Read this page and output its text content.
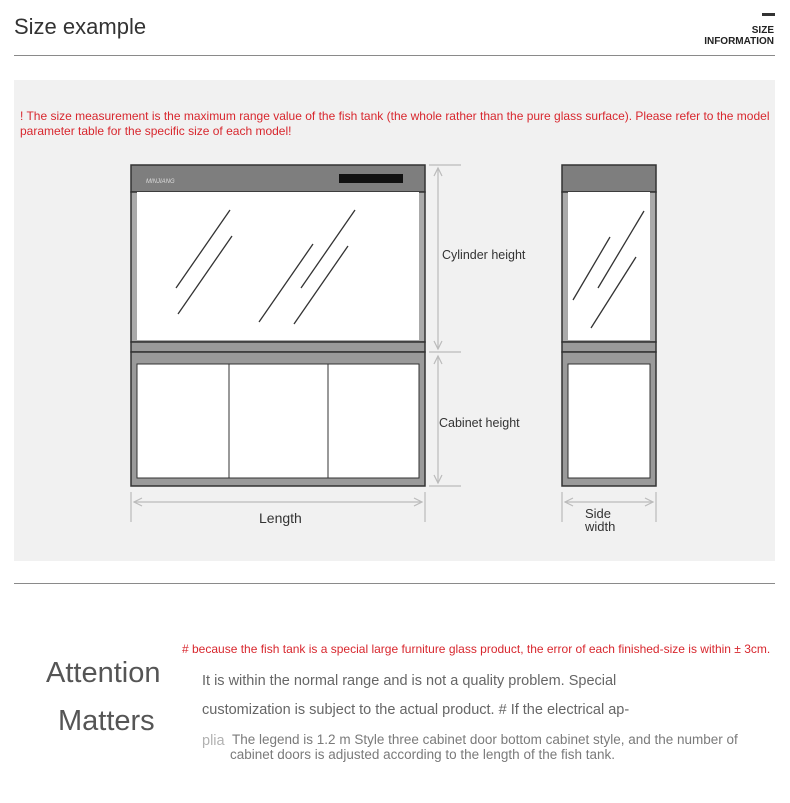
Size example	SIZE
INFORMATION
! The size measurement is the maximum range value of the fish tank (the whole rather than the pure glass surface). Please refer to the model parameter table for the specific size of each model!
MINJIANG
Cylinder height
Cabinet height
Length	Side
width
# because the fish tank is a special large furniture glass product, the error of each finished-size is within ± 3cm.
Attention
Matters
It is within the normal range and is not a quality problem. Special
customization is subject to the actual product. # If the electrical ap-
plia The legend is 1.2 m Style three cabinet door bottom cabinet style, and the number of
cabinet doors is adjusted according to the length of the fish tank.
